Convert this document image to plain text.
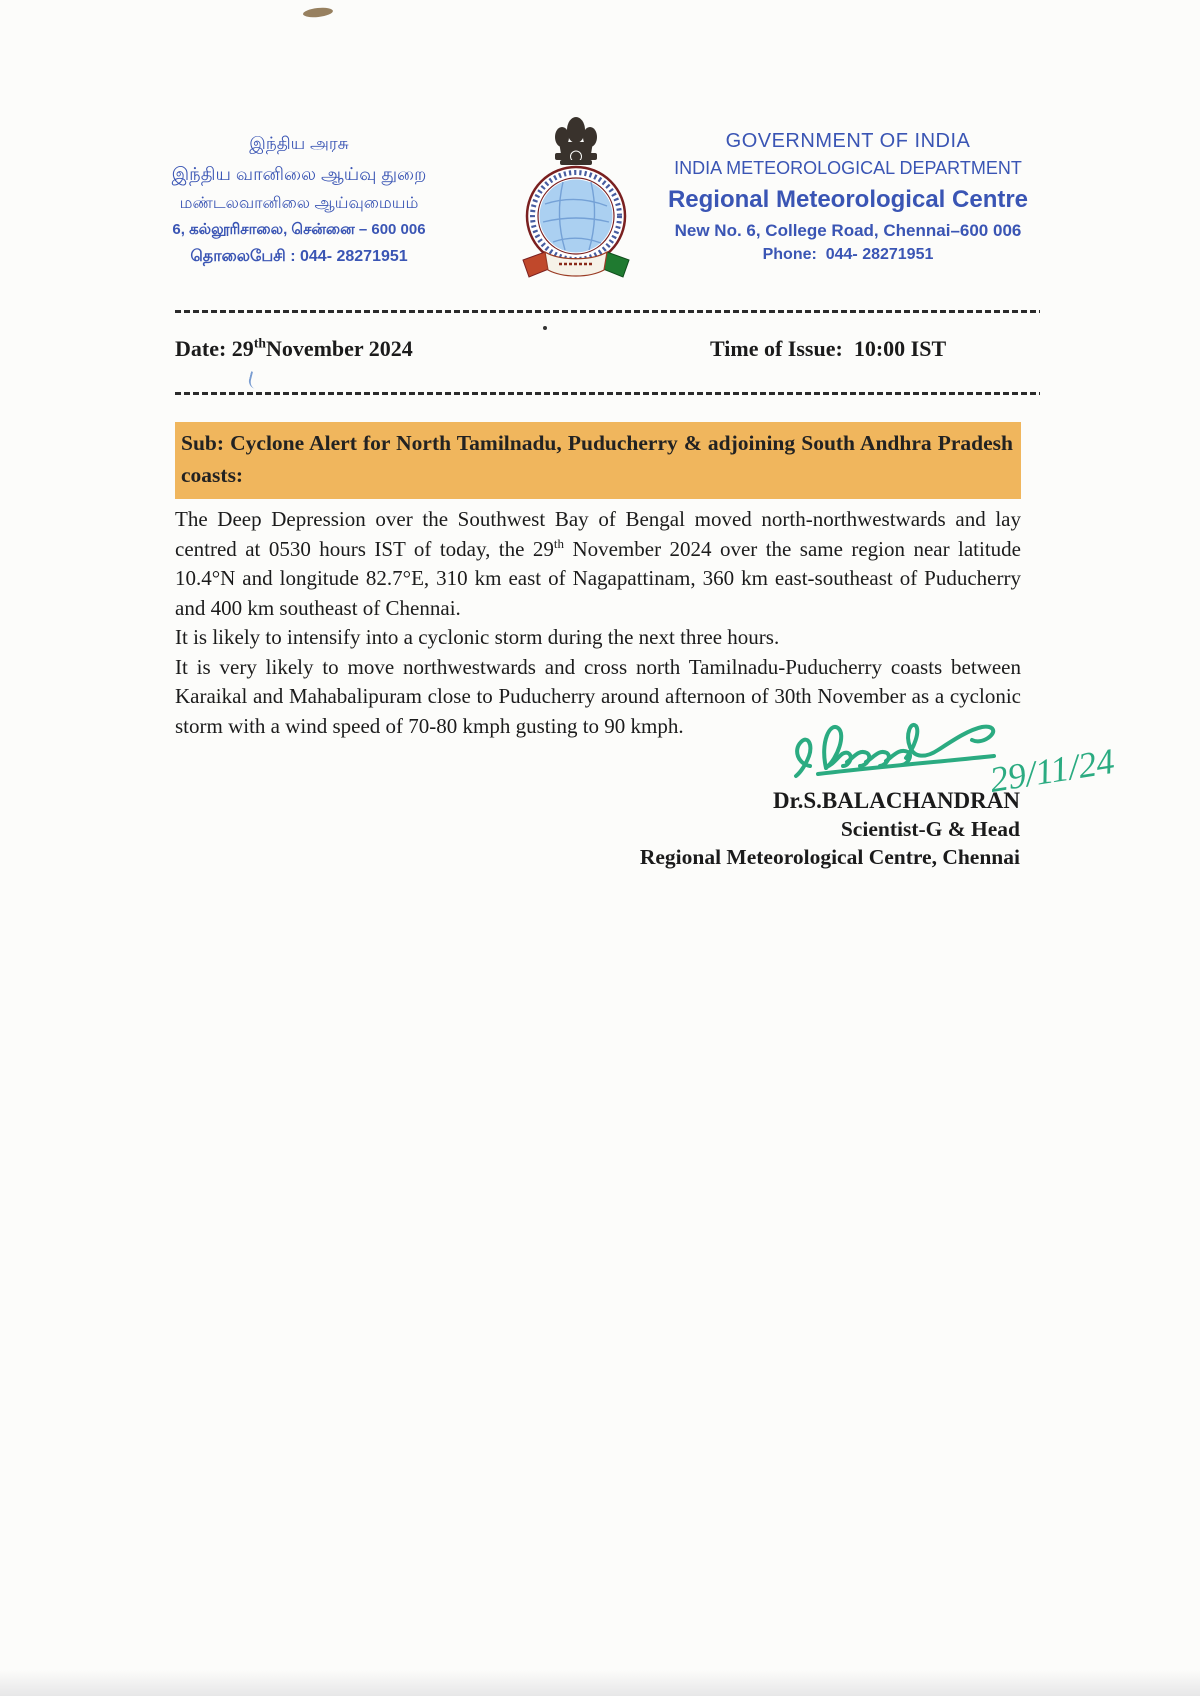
இந்திய அரசு
இந்திய வானிலை ஆய்வு துறை
மண்டலவானிலை ஆய்வுமையம்
6, கல்லூரிசாலை, சென்னை – 600 006
தொலைபேசி : 044- 28271951
GOVERNMENT OF INDIA
INDIA METEOROLOGICAL DEPARTMENT
Regional Meteorological Centre
New No. 6, College Road, Chennai–600 006
Phone:  044- 28271951
Date: 29thNovember 2024	Time of Issue:  10:00 IST
Sub: Cyclone Alert for North Tamilnadu, Puducherry & adjoining South Andhra Pradesh coasts:

The Deep Depression over the Southwest Bay of Bengal moved north-northwestwards and lay centred at 0530 hours IST of today, the 29th November 2024 over the same region near latitude 10.4°N and longitude 82.7°E, 310 km east of Nagapattinam, 360 km east-southeast of Puducherry and 400 km southeast of Chennai.

It is likely to intensify into a cyclonic storm during the next three hours.

It is very likely to move northwestwards and cross north Tamilnadu-Puducherry coasts between Karaikal and Mahabalipuram close to Puducherry around afternoon of 30th November as a cyclonic storm with a wind speed of 70-80 kmph gusting to 90 kmph.

29/11/24
Dr.S.BALACHANDRAN
Scientist-G & Head
Regional Meteorological Centre, Chennai
